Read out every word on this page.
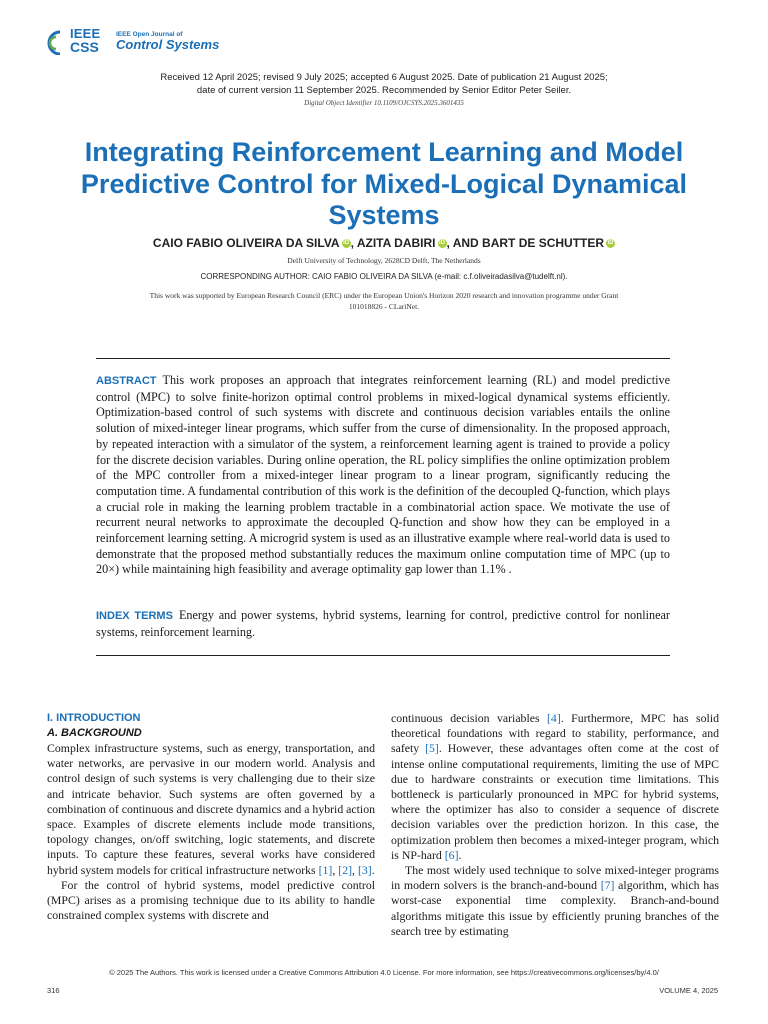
IEEE
CSS
IEEE Open Journal of
Control Systems
Received 12 April 2025; revised 9 July 2025; accepted 6 August 2025. Date of publication 21 August 2025;
date of current version 11 September 2025. Recommended by Senior Editor Peter Seiler.
Digital Object Identifier 10.1109/OJCSYS.2025.3601435
Integrating Reinforcement Learning and Model Predictive Control for Mixed-Logical Dynamical Systems
CAIO FABIO OLIVEIRA DA SILVA iD , AZITA DABIRI iD , AND BART DE SCHUTTER iD
Delft University of Technology, 2628CD Delft, The Netherlands
CORRESPONDING AUTHOR: CAIO FABIO OLIVEIRA DA SILVA (e-mail: c.f.oliveiradasilva@tudelft.nl).
This work was supported by European Research Council (ERC) under the European Union's Horizon 2020 research and innovation programme under Grant
101018826 - CLariNet.
ABSTRACT This work proposes an approach that integrates reinforcement learning (RL) and model predictive control (MPC) to solve finite-horizon optimal control problems in mixed-logical dynamical systems efficiently. Optimization-based control of such systems with discrete and continuous decision variables entails the online solution of mixed-integer linear programs, which suffer from the curse of dimensionality. In the proposed approach, by repeated interaction with a simulator of the system, a reinforcement learning agent is trained to provide a policy for the discrete decision variables. During online operation, the RL policy simplifies the online optimization problem of the MPC controller from a mixed-integer linear program to a linear program, significantly reducing the computation time. A fundamental contribution of this work is the definition of the decoupled Q-function, which plays a crucial role in making the learning problem tractable in a combinatorial action space. We motivate the use of recurrent neural networks to approximate the decoupled Q-function and show how they can be employed in a reinforcement learning setting. A microgrid system is used as an illustrative example where real-world data is used to demonstrate that the proposed method substantially reduces the maximum online computation time of MPC (up to 20×) while maintaining high feasibility and average optimality gap lower than 1.1% .
INDEX TERMS Energy and power systems, hybrid systems, learning for control, predictive control for nonlinear systems, reinforcement learning.
I. INTRODUCTION
A. BACKGROUND

Complex infrastructure systems, such as energy, transportation, and water networks, are pervasive in our modern world. Analysis and control design of such systems is very challenging due to their size and intricate behavior. Such systems are often governed by a combination of continuous and discrete dynamics and a hybrid action space. Examples of discrete elements include mode transitions, topology changes, on/off switching, logic statements, and discrete inputs. To capture these features, several works have considered hybrid system models for critical infrastructure networks [1], [2], [3].

For the control of hybrid systems, model predictive control (MPC) arises as a promising technique due to its ability to handle constrained complex systems with discrete and

continuous decision variables [4]. Furthermore, MPC has solid theoretical foundations with regard to stability, performance, and safety [5]. However, these advantages often come at the cost of intense online computational requirements, limiting the use of MPC due to hardware constraints or execution time limitations. This bottleneck is particularly pronounced in MPC for hybrid systems, where the optimizer has also to consider a sequence of discrete decision variables over the prediction horizon. In this case, the optimization problem then becomes a mixed-integer program, which is NP-hard [6].

The most widely used technique to solve mixed-integer programs in modern solvers is the branch-and-bound [7] algorithm, which has worst-case exponential time complexity. Branch-and-bound algorithms mitigate this issue by efficiently pruning branches of the search tree by estimating

© 2025 The Authors. This work is licensed under a Creative Commons Attribution 4.0 License. For more information, see https://creativecommons.org/licenses/by/4.0/
316	VOLUME 4, 2025
